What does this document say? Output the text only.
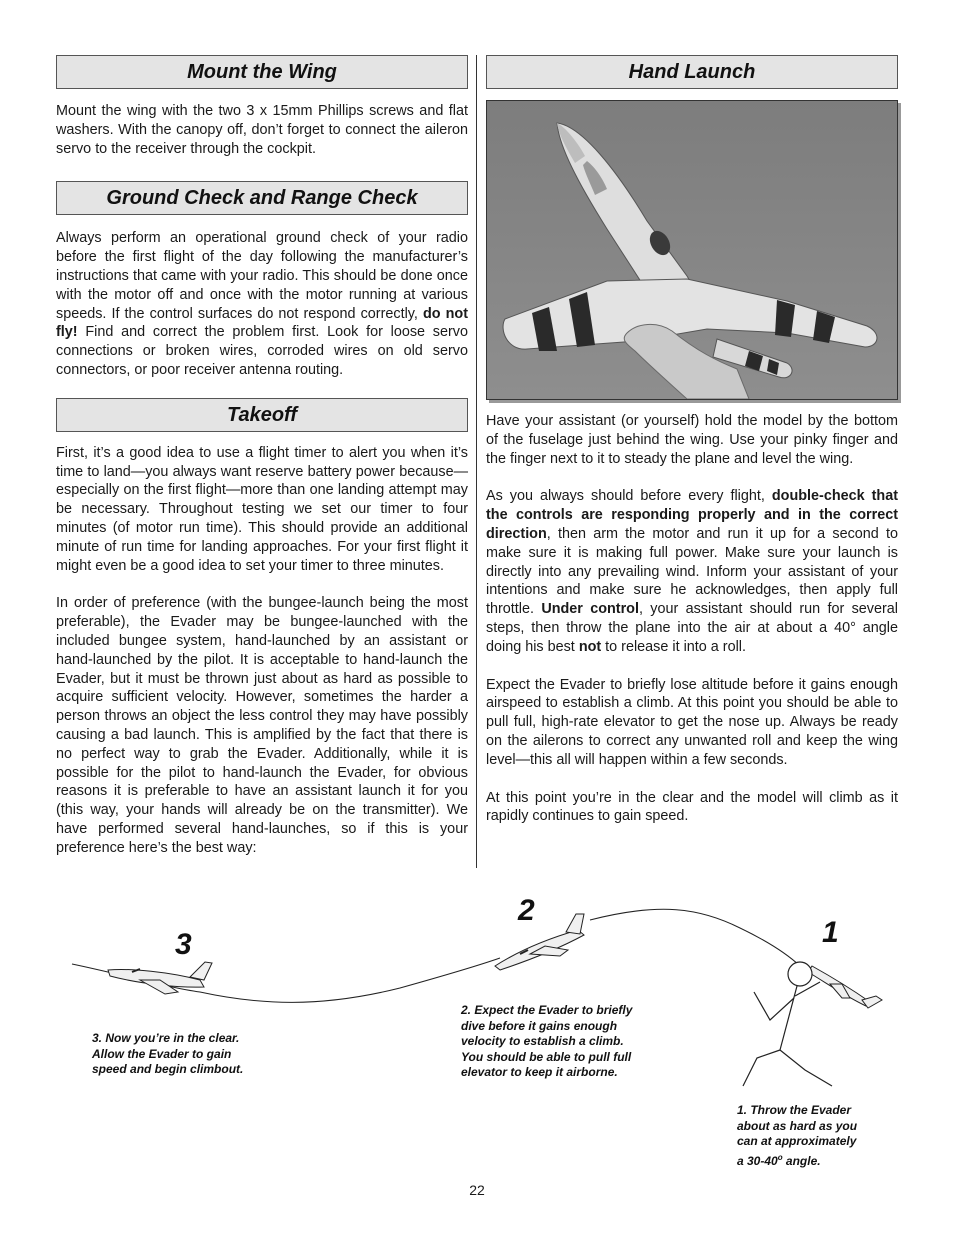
Mount the Wing

Mount the wing with the two 3 x 15mm Phillips screws and flat washers. With the canopy off, don’t forget to connect the aileron servo to the receiver through the cockpit.

Ground Check and Range Check

Always perform an operational ground check of your radio before the first flight of the day following the manufacturer’s instructions that came with your radio. This should be done once with the motor off and once with the motor running at various speeds. If the control surfaces do not respond correctly, do not fly! Find and correct the problem first. Look for loose servo connections or broken wires, corroded wires on old servo connectors, or poor receiver antenna routing.

Takeoff

First, it’s a good idea to use a flight timer to alert you when it’s time to land—you always want reserve battery power because—especially on the first flight—more than one landing attempt may be necessary. Throughout testing we set our timer to four minutes (of motor run time). This should provide an additional minute of run time for landing approaches. For your first flight it might even be a good idea to set your timer to three minutes.

In order of preference (with the bungee-launch being the most preferable), the Evader may be bungee-launched with the included bungee system, hand-launched by an assistant or hand-launched by the pilot. It is acceptable to hand-launch the Evader, but it must be thrown just about as hard as possible to acquire sufficient velocity. However, sometimes the harder a person throws an object the less control they may have possibly causing a bad launch. This is amplified by the fact that there is no perfect way to grab the Evader. Additionally, while it is possible for the pilot to hand-launch the Evader, for obvious reasons it is preferable to have an assistant launch it for you (this way, your hands will already be on the transmitter). We have performed several hand-launches, so if this is your preference here’s the best way:

Hand Launch

Have your assistant (or yourself) hold the model by the bottom of the fuselage just behind the wing. Use your pinky finger and the finger next to it to steady the plane and level the wing.

As you always should before every flight, double-check that the controls are responding properly and in the correct direction, then arm the motor and run it up for a second to make sure it is making full power. Make sure your launch is directly into any prevailing wind. Inform your assistant of your intentions and make sure he acknowledges, then apply full throttle. Under control, your assistant should run for several steps, then throw the plane into the air at about a 40° angle doing his best not to release it into a roll.

Expect the Evader to briefly lose altitude before it gains enough airspeed to establish a climb. At this point you should be able to pull full, high-rate elevator to get the nose up. Always be ready on the ailerons to correct any unwanted roll and keep the wing level—this all will happen within a few seconds.

At this point you’re in the clear and the model will climb as it rapidly continues to gain speed.

3
2
1
3. Now you’re in the clear.
Allow the Evader to gain
speed and begin climbout.
2. Expect the Evader to briefly
dive before it gains enough
velocity to establish a climb.
You should be able to pull full
elevator to keep it airborne.
1. Throw the Evader
about as hard as you
can at approximately
a 30-40$^o$ angle.
22
